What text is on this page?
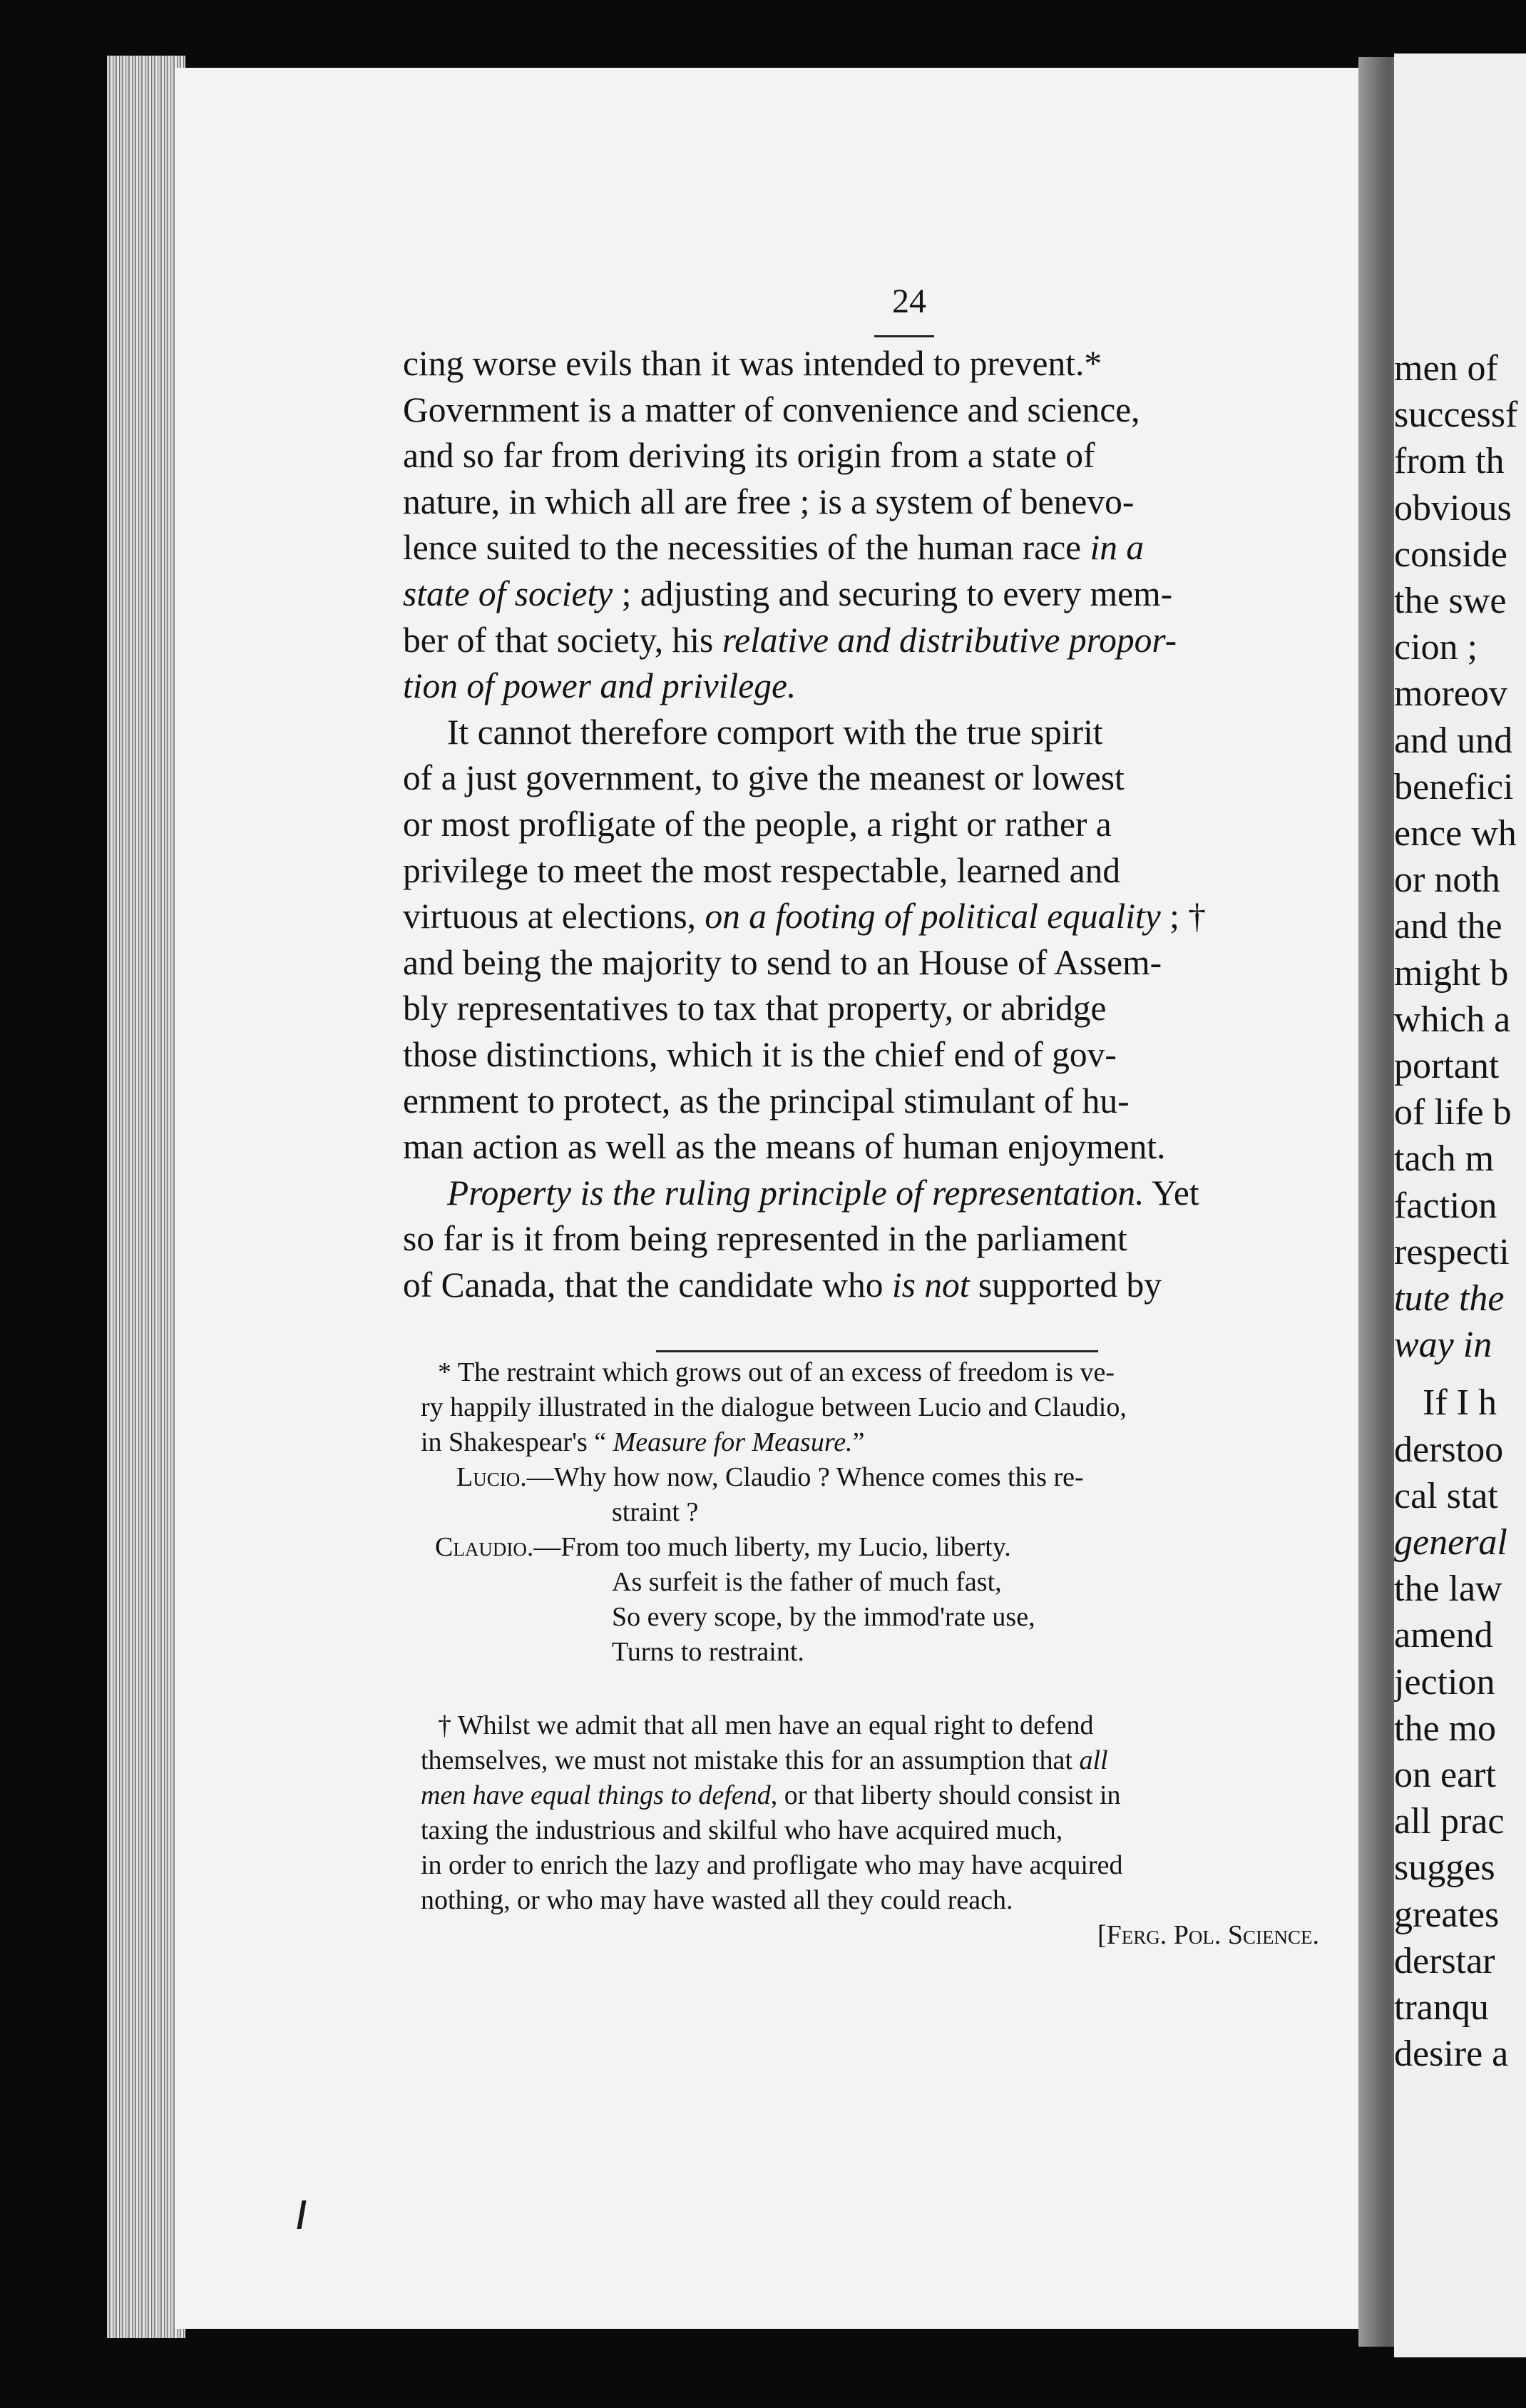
men of
successf
from th
obvious
conside
the swe
cion ;
moreov
and und
benefici
ence wh
or noth
and the
might b
which a
portant
of life b
tach m
faction
respecti
tute the
way in
If I h
derstoo
cal stat
general
the law
amend
jection
the mo
on eart
all prac
sugges
greates
derstar
tranqu
desire a
24
cing worse evils than it was intended to prevent.*
Government is a matter of convenience and science,
and so far from deriving its origin from a state of
nature, in which all are free ; is a system of benevo-
lence suited to the necessities of the human race in a
state of society ; adjusting and securing to every mem-
ber of that society, his relative and distributive propor-
tion of power and privilege.
It cannot therefore comport with the true spirit
of a just government, to give the meanest or lowest
or most profligate of the people, a right or rather a
privilege to meet the most respectable, learned and
virtuous at elections, on a footing of political equality ; †
and being the majority to send to an House of Assem-
bly representatives to tax that property, or abridge
those distinctions, which it is the chief end of gov-
ernment to protect, as the principal stimulant of hu-
man action as well as the means of human enjoyment.
Property is the ruling principle of representation. Yet
so far is it from being represented in the parliament
of Canada, that the candidate who is not supported by
* The restraint which grows out of an excess of freedom is ve-
ry happily illustrated in the dialogue between Lucio and Claudio,
in Shakespear's “ Measure for Measure.”
Lucio.—Why how now, Claudio ? Whence comes this re-
straint ?
Claudio.—From too much liberty, my Lucio, liberty.
As surfeit is the father of much fast,
So every scope, by the immod'rate use,
Turns to restraint.
† Whilst we admit that all men have an equal right to defend
themselves, we must not mistake this for an assumption that all
men have equal things to defend, or that liberty should consist in
taxing the industrious and skilful who have acquired much,
in order to enrich the lazy and profligate who may have acquired
nothing, or who may have wasted all they could reach.
[Ferg. Pol. Science.
